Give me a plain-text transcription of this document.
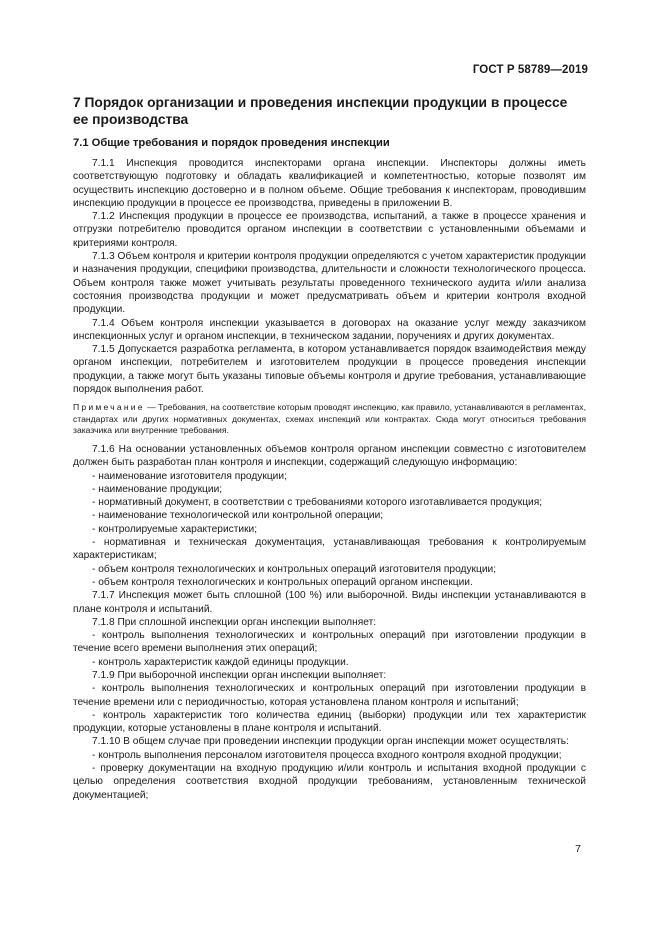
ГОСТ Р 58789—2019
7 Порядок организации и проведения инспекции продукции в процессе ее производства
7.1 Общие требования и порядок проведения инспекции

7.1.1 Инспекция проводится инспекторами органа инспекции. Инспекторы должны иметь соответствующую подготовку и обладать квалификацией и компетентностью, которые позволят им осуществить инспекцию достоверно и в полном объеме. Общие требования к инспекторам, проводившим инспекцию продукции в процессе ее производства, приведены в приложении В.

7.1.2 Инспекция продукции в процессе ее производства, испытаний, а также в процессе хранения и отгрузки потребителю проводится органом инспекции в соответствии с установленными объемами и критериями контроля.

7.1.3 Объем контроля и критерии контроля продукции определяются с учетом характеристик продукции и назначения продукции, специфики производства, длительности и сложности технологического процесса. Объем контроля также может учитывать результаты проведенного технического аудита и/или анализа состояния производства продукции и может предусматривать объем и критерии контроля входной продукции.

7.1.4 Объем контроля инспекции указывается в договорах на оказание услуг между заказчиком инспекционных услуг и органом инспекции, в техническом задании, поручениях и других документах.

7.1.5 Допускается разработка регламента, в котором устанавливается порядок взаимодействия между органом инспекции, потребителем и изготовителем продукции в процессе проведения инспекции продукции, а также могут быть указаны типовые объемы контроля и другие требования, устанавливающие порядок выполнения работ.

Примечание — Требования, на соответствие которым проводят инспекцию, как правило, устанавливаются в регламентах, стандартах или других нормативных документах, схемах инспекций или контрактах. Сюда могут относиться требования заказчика или внутренние требования.

7.1.6 На основании установленных объемов контроля органом инспекции совместно с изготовителем должен быть разработан план контроля и инспекции, содержащий следующую информацию:

- наименование изготовителя продукции;

- наименование продукции;

- нормативный документ, в соответствии с требованиями которого изготавливается продукция;

- наименование технологической или контрольной операции;

- контролируемые характеристики;

- нормативная и техническая документация, устанавливающая требования к контролируемым характеристикам;

- объем контроля технологических и контрольных операций изготовителя продукции;

- объем контроля технологических и контрольных операций органом инспекции.

7.1.7 Инспекция может быть сплошной (100 %) или выборочной. Виды инспекции устанавливаются в плане контроля и испытаний.

7.1.8 При сплошной инспекции орган инспекции выполняет:

- контроль выполнения технологических и контрольных операций при изготовлении продукции в течение всего времени выполнения этих операций;

- контроль характеристик каждой единицы продукции.

7.1.9 При выборочной инспекции орган инспекции выполняет:

- контроль выполнения технологических и контрольных операций при изготовлении продукции в течение времени или с периодичностью, которая установлена планом контроля и испытаний;

- контроль характеристик того количества единиц (выборки) продукции или тех характеристик продукции, которые установлены в плане контроля и испытаний.

7.1.10 В общем случае при проведении инспекции продукции орган инспекции может осуществлять:

- контроль выполнения персоналом изготовителя процесса входного контроля входной продукции;

- проверку документации на входную продукцию и/или контроль и испытания входной продукции с целью определения соответствия входной продукции требованиям, установленным технической документацией;

7
